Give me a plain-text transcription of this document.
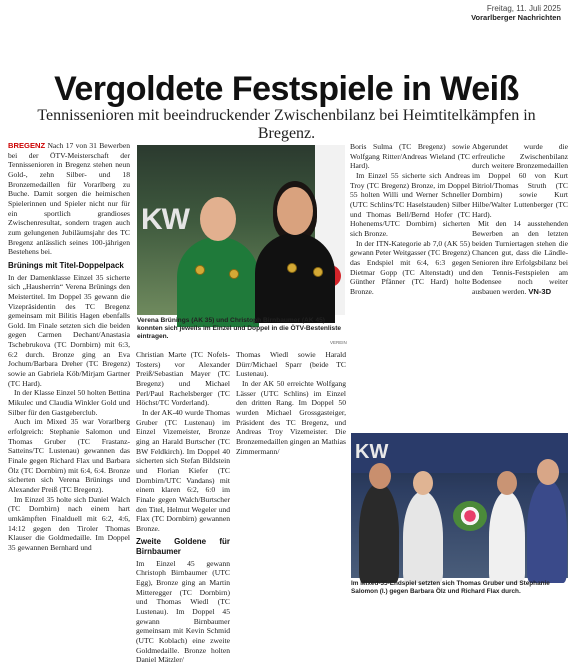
Freitag, 11. Juli 2025
Vorarlberger Nachrichten
Vergoldete Festspiele in Weiß
Tennissenioren mit beeindruckender Zwischenbilanz bei Heimtitelkämpfen in Bregenz.

BREGENZ Nach 17 von 31 Bewerben bei der ÖTV-Meisterschaft der Tennissenioren in Bregenz stehen neun Gold-, zehn Silber- und 18 Bronzemedaillen für Vorarlberg zu Buche. Damit sorgen die heimischen Spielerinnen und Spieler nicht nur für ein sportlich grandioses Zwischenresultat, sondern tragen auch zum gelungenen Jubiläumsjahr des TC Bregenz anlässlich seines 100-jährigen Bestehens bei.

Brünings mit Titel-Doppelpack

In der Damenklasse Einzel 35 sicherte sich „Hausherrin“ Verena Brünings den Meistertitel. Im Doppel 35 gewann die Vizepräsidentin des TC Bregenz gemeinsam mit Bilitis Hagen ebenfalls Gold. Im Finale setzten sich die beiden gegen Carmen Dechant/Anastasia Tschebrukova (TC Dornbirn) mit 6:3, 6:2 durch. Bronze ging an Eva Jochum/Barbara Dreher (TC Bregenz) sowie an Gabriela Köb/Mirjam Gartner (TC Hard).

In der Klasse Einzel 50 holten Bettina Mikulec und Claudia Winkler Gold und Silber für den Gastgeberclub.

Auch im Mixed 35 war Vorarlberg erfolgreich: Stephanie Salomon und Thomas Gruber (TC Frastanz-Satteins/TC Lustenau) gewannen das Finale gegen Richard Flax und Barbara Ölz (TC Dornbirn) mit 6:4, 6:4. Bronze sicherten sich Verena Brünings und Alexander Preiß (TC Bregenz).

Im Einzel 35 holte sich Daniel Walch (TC Dornbirn) nach einem hart umkämpften Finalduell mit 6:2, 4:6, 14:12 gegen den Tiroler Thomas Klauser die Goldmedaille. Im Doppel 35 gewannen Bernhard und

KW
Verena Brünings (AK 35) und Christoph Birnbaumer (AK 45) konnten sich jeweils im Einzel und Doppel in die ÖTV-Bestenliste eintragen.
VEREIN

Christian Marte (TC Nofels-Tosters) vor Alexander Preiß/Sebastian Mayer (TC Bregenz) und Michael Perl/Paul Rachelsberger (TC Höchst/TC Vorderland).

In der AK-40 wurde Thomas Gruber (TC Lustenau) im Einzel Vizemeister, Bronze ging an Harald Burtscher (TC BW Feldkirch). Im Doppel 40 sicherten sich Stefan Bildstein und Florian Kiefer (TC Dornbirn/UTC Vandans) mit einem klaren 6:2, 6:0 im Finale gegen Walch/Burtscher den Titel, Helmut Wegeler und Flax (TC Dornbirn) gewannen Bronze.

Zweite Goldene für Birnbaumer

Im Einzel 45 gewann Christoph Birnbaumer (UTC Egg), Bronze ging an Martin Mitteregger (TC Dornbirn) und Thomas Wiedl (TC Lustenau). Im Doppel 45 gewann Birnbaumer gemeinsam mit Kevin Schmid (UTC Koblach) eine zweite Goldmedaille. Bronze holten Daniel Mätzler/

Thomas Wiedl sowie Harald Dürr/Michael Sparr (beide TC Lustenau).

In der AK 50 erreichte Wolfgang Lässer (UTC Schlins) im Einzel den dritten Rang. Im Doppel 50 wurden Michael Grossgasteiger, Präsident des TC Bregenz, und Andreas Troy Vizemeister. Die Bronzemedaillen gingen an Mathias Zimmermann/

Boris Sulma (TC Bregenz) sowie Wolfgang Ritter/Andreas Wieland (TC Hard).

Im Einzel 55 sicherte sich Andreas Troy (TC Bregenz) Bronze, im Doppel 55 holten Willi und Werner Schneller (UTC Schlins/TC Haselstauden) Silber und Thomas Bell/Bernd Hofer (TC Hohenems/UTC Dornbirn) sicherten sich Bronze.

In der ITN-Kategorie ab 7,0 (AK 55) gewann Peter Weitgasser (TC Bregenz) das Endspiel mit 6:4, 6:3 gegen Dietmar Gopp (TC Altenstadt) und Günther Pfänner (TC Hard) holte Bronze.

Abgerundet wurde die erfreuliche Zwischenbilanz durch weitere Bronzemedaillen im Doppel 60 von Kurt Bitriol/Thomas Struth (TC Dornbirn) sowie Kurt Hilbe/Walter Luttenberger (TC Hard).

Mit den 14 ausstehenden Bewerben an den letzten beiden Turniertagen stehen die Chancen gut, dass die Ländle-Senioren ihre Erfolgsbilanz bei den Tennis-Festspielen am Bodensee noch weiter ausbauen werden. VN-3D

KW
Im Mixed-35-Endspiel setzten sich Thomas Gruber und Stephanie Salomon (l.) gegen Barbara Ölz und Richard Flax durch.
